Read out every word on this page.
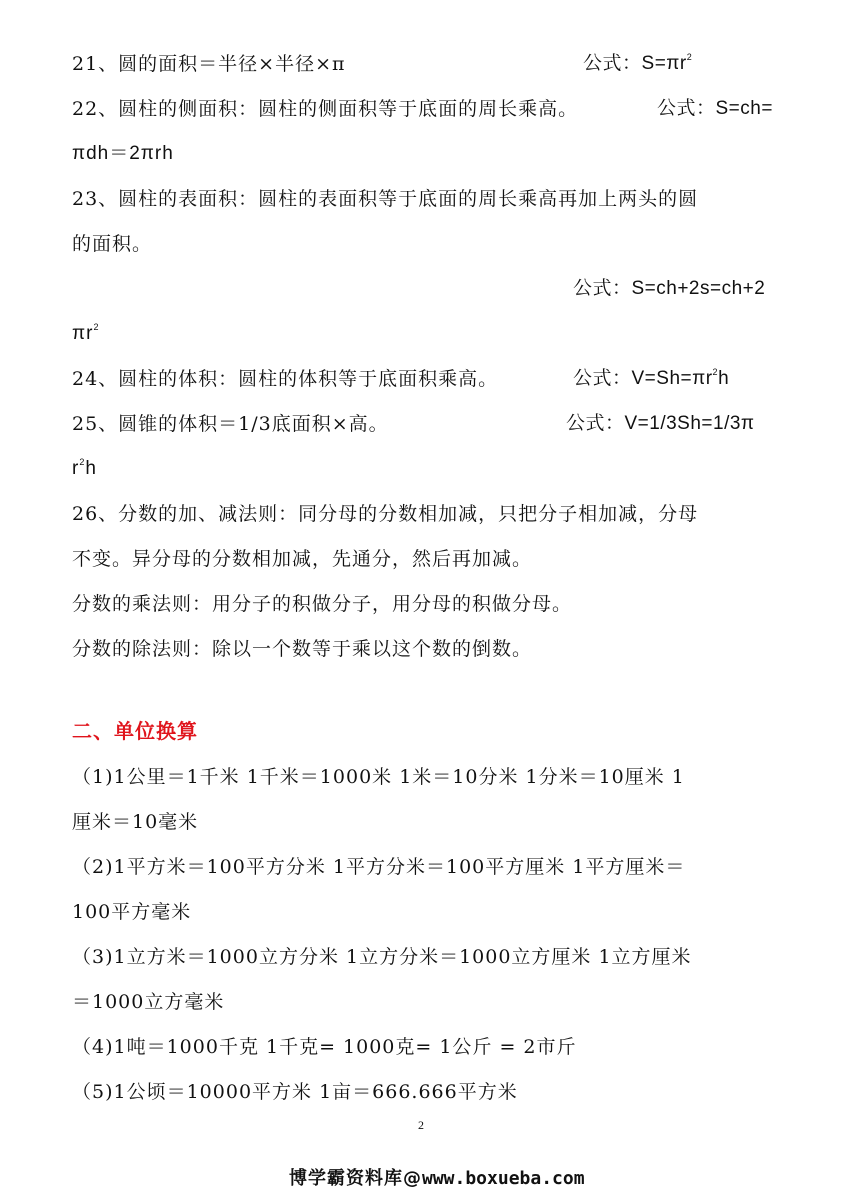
21、圆的面积＝半径×半径×π	公式：$S=\pi r^2$
22、圆柱的侧面积：圆柱的侧面积等于底面的周长乘高。	公式：S=ch=
πdh＝2πrh
23、圆柱的表面积：圆柱的表面积等于底面的周长乘高再加上两头的圆
的面积。
公式：S=ch+2s=ch+2
$\pi r^2$
24、圆柱的体积：圆柱的体积等于底面积乘高。	公式：$V=Sh=\pi r^2h$
25、圆锥的体积＝1/3底面积×高。	公式：V=1/3Sh=1/3π
$r^2h$
26、分数的加、减法则：同分母的分数相加减，只把分子相加减，分母
不变。异分母的分数相加减，先通分，然后再加减。
分数的乘法则：用分子的积做分子，用分母的积做分母。
分数的除法则：除以一个数等于乘以这个数的倒数。
二、单位换算
（1)1公里＝1千米 1千米＝1000米 1米＝10分米 1分米＝10厘米 1
厘米＝10毫米
（2)1平方米＝100平方分米 1平方分米＝100平方厘米 1平方厘米＝
100平方毫米
（3)1立方米＝1000立方分米 1立方分米＝1000立方厘米 1立方厘米
＝1000立方毫米
（4)1吨＝1000千克 1千克= 1000克= 1公斤 = 2市斤
（5)1公顷＝10000平方米 1亩＝666.666平方米
2
博学霸资料库@www.boxueba.com
